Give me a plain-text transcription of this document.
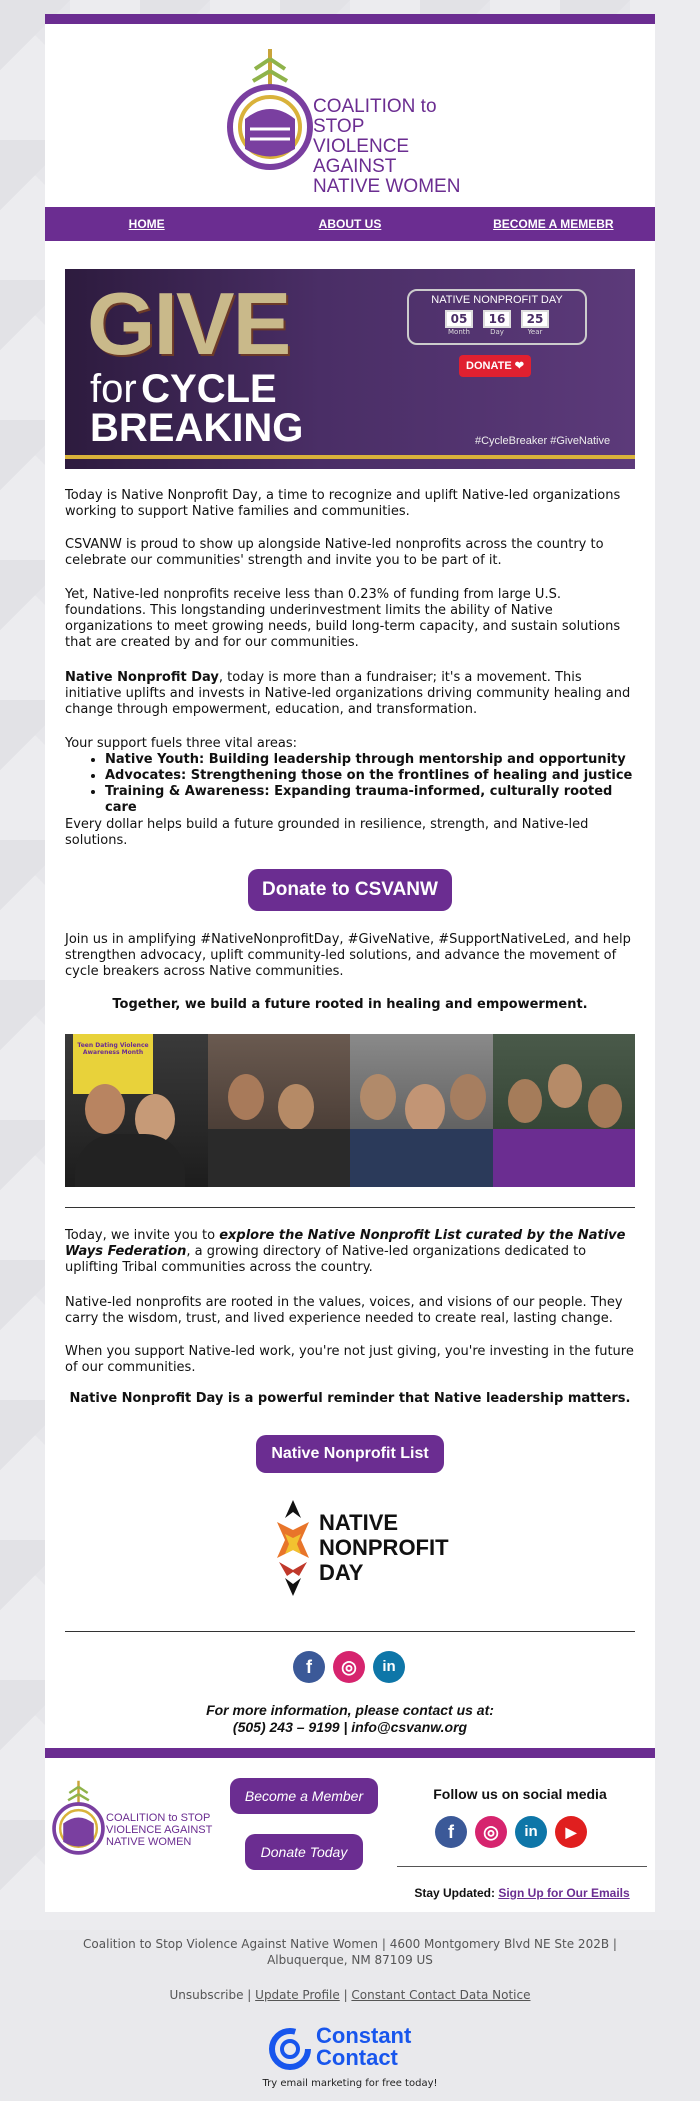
COALITION to STOP
VIOLENCE AGAINST
NATIVE WOMEN
HOME	ABOUT US	BECOME A MEMEBR
GIVE
for CYCLE
BREAKING
NATIVE NONPROFIT DAY
05
Month
16
Day
25
Year
DONATE ❤
#CycleBreaker #GiveNative
Today is Native Nonprofit Day, a time to recognize and uplift Native-led organizations working to support Native families and communities.
CSVANW is proud to show up alongside Native-led nonprofits across the country to celebrate our communities' strength and invite you to be part of it.
Yet, Native-led nonprofits receive less than 0.23% of funding from large U.S. foundations. This longstanding underinvestment limits the ability of Native organizations to meet growing needs, build long-term capacity, and sustain solutions that are created by and for our communities.
Native Nonprofit Day, today is more than a fundraiser; it's a movement. This initiative uplifts and invests in Native-led organizations driving community healing and change through empowerment, education, and transformation.
Your support fuels three vital areas:
• Native Youth: Building leadership through mentorship and opportunity
• Advocates: Strengthening those on the frontlines of healing and justice
• Training & Awareness: Expanding trauma-informed, culturally rooted care
Every dollar helps build a future grounded in resilience, strength, and Native-led solutions.
Donate to CSVANW
Join us in amplifying #NativeNonprofitDay, #GiveNative, #SupportNativeLed, and help strengthen advocacy, uplift community-led solutions, and advance the movement of cycle breakers across Native communities.
Together, we build a future rooted in healing and empowerment.
Teen Dating Violence
Awareness Month
Today, we invite you to explore the Native Nonprofit List curated by the Native Ways Federation, a growing directory of Native-led organizations dedicated to uplifting Tribal communities across the country.
Native-led nonprofits are rooted in the values, voices, and visions of our people. They carry the wisdom, trust, and lived experience needed to create real, lasting change.
When you support Native-led work, you're not just giving, you're investing in the future of our communities.
Native Nonprofit Day is a powerful reminder that Native leadership matters.
Native Nonprofit List
NATIVE
NONPROFIT
DAY
f	◎	in
For more information, please contact us at:
(505) 243 – 9199 | info@csvanw.org
COALITION to STOP
VIOLENCE AGAINST
NATIVE WOMEN
Become a Member
Donate Today
Follow us on social media
f	◎	in	▶
Stay Updated: Sign Up for Our Emails
Coalition to Stop Violence Against Native Women | 4600 Montgomery Blvd NE Ste 202B | Albuquerque, NM 87109 US
Unsubscribe | Update Profile | Constant Contact Data Notice
Constant
Contact
Try email marketing for free today!
